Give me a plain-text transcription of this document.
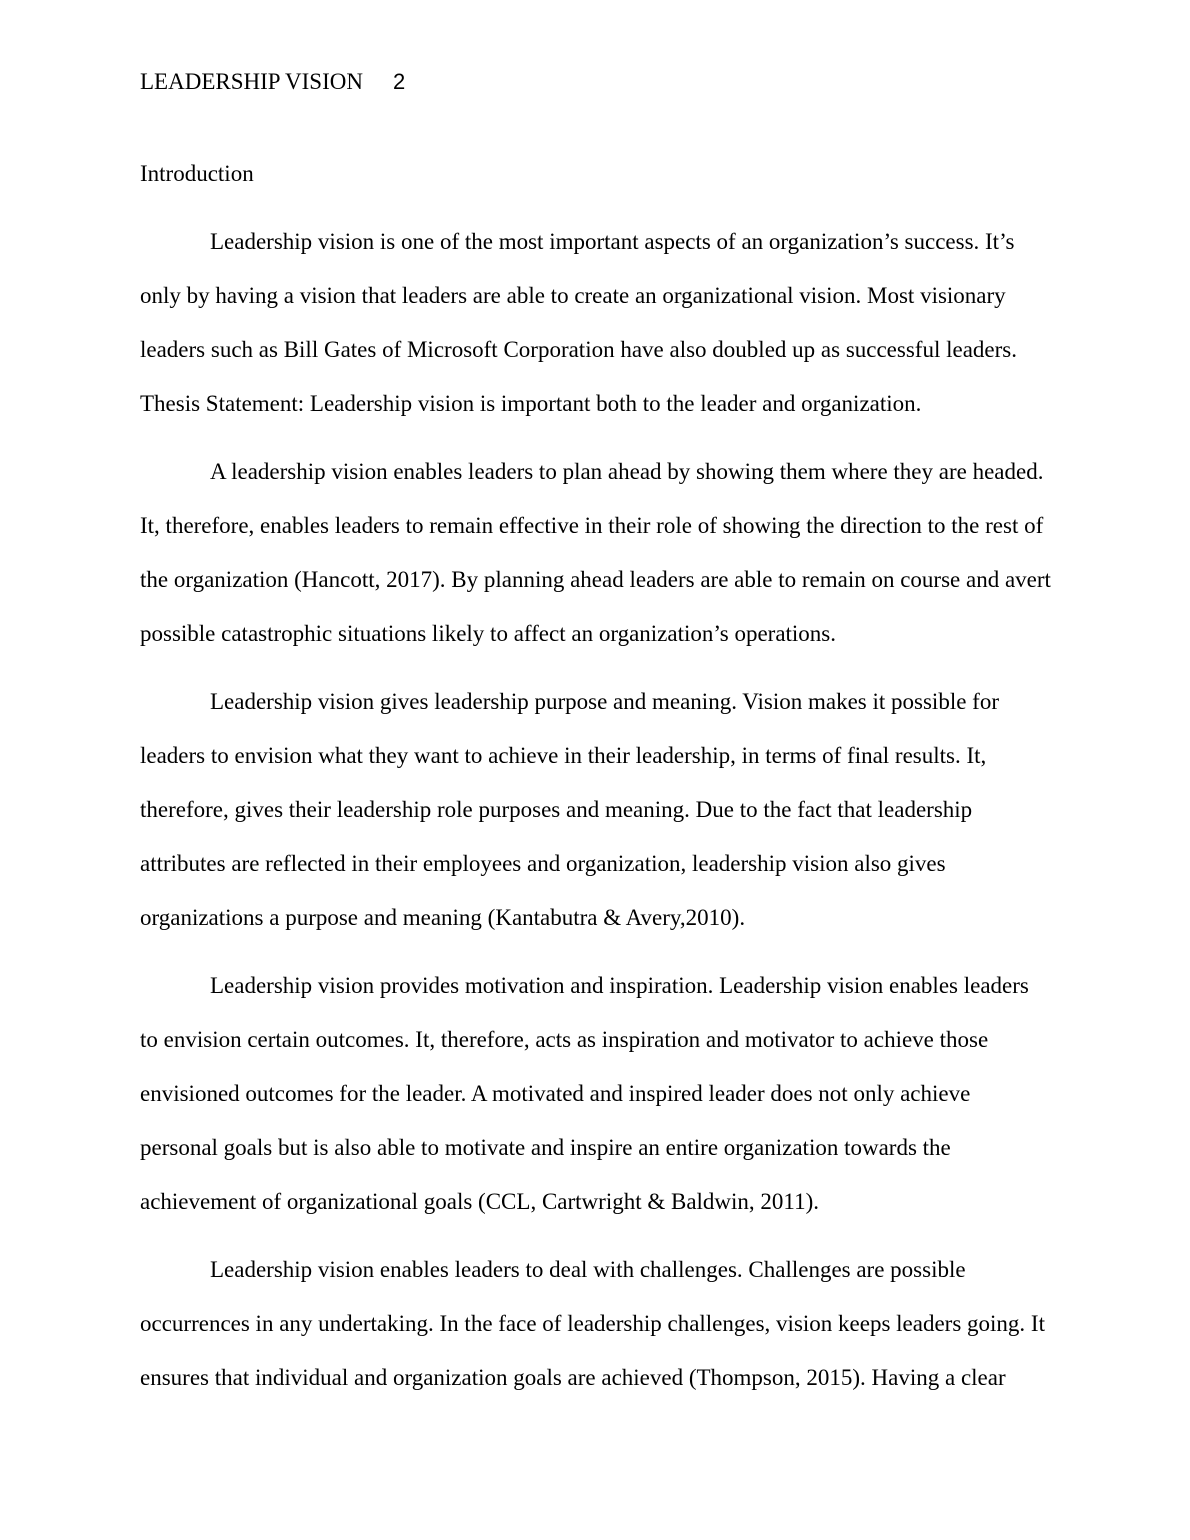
LEADERSHIP VISION 2
Introduction

Leadership vision is one of the most important aspects of an organization’s success. It’s only by having a vision that leaders are able to create an organizational vision. Most visionary leaders such as Bill Gates of Microsoft Corporation have also doubled up as successful leaders. Thesis Statement: Leadership vision is important both to the leader and organization.

A leadership vision enables leaders to plan ahead by showing them where they are headed. It, therefore, enables leaders to remain effective in their role of showing the direction to the rest of the organization (Hancott, 2017). By planning ahead leaders are able to remain on course and avert possible catastrophic situations likely to affect an organization’s operations.

Leadership vision gives leadership purpose and meaning. Vision makes it possible for leaders to envision what they want to achieve in their leadership, in terms of final results. It, therefore, gives their leadership role purposes and meaning. Due to the fact that leadership attributes are reflected in their employees and organization, leadership vision also gives organizations a purpose and meaning (Kantabutra & Avery,2010).

Leadership vision provides motivation and inspiration. Leadership vision enables leaders to envision certain outcomes. It, therefore, acts as inspiration and motivator to achieve those envisioned outcomes for the leader. A motivated and inspired leader does not only achieve personal goals but is also able to motivate and inspire an entire organization towards the achievement of organizational goals (CCL, Cartwright & Baldwin, 2011).

Leadership vision enables leaders to deal with challenges. Challenges are possible occurrences in any undertaking. In the face of leadership challenges, vision keeps leaders going. It ensures that individual and organization goals are achieved (Thompson, 2015). Having a clear
